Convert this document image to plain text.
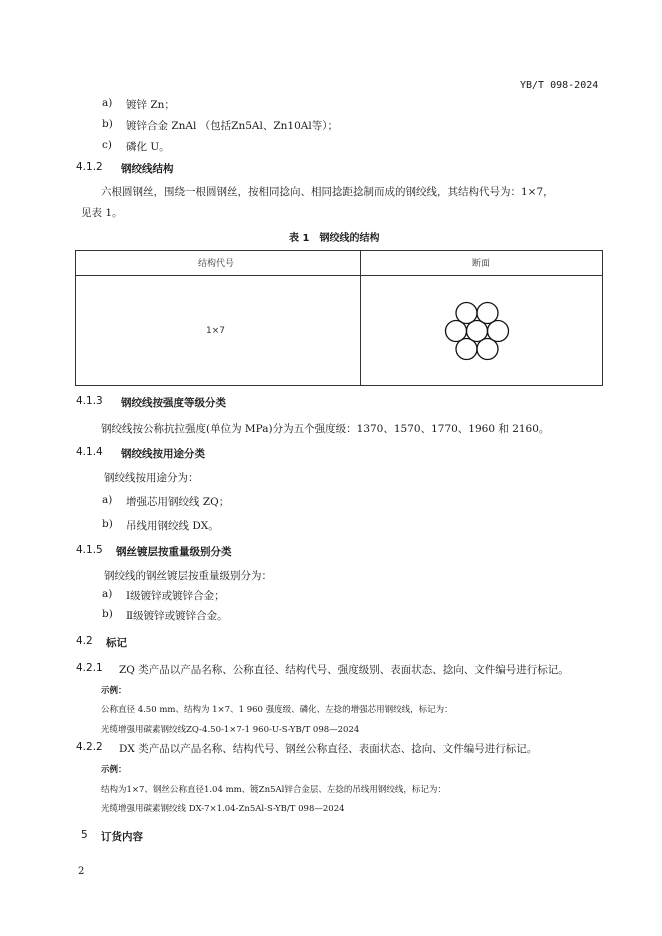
YB/T 098-2024
a) 镀锌 Zn；
b) 镀锌合金 ZnAl （包括Zn5Al、Zn10Al等）；
c) 磷化 U。
4.1.2 钢绞线结构
六根圆钢丝，围绕一根圆钢丝，按相同捻向、相同捻距捻制而成的钢绞线，其结构代号为：1×7，
见表 1。
表 1　钢绞线的结构
结构代号	断面
1×7
4.1.3 钢绞线按强度等级分类
钢绞线按公称抗拉强度(单位为 MPa)分为五个强度级：1370、1570、1770、1960 和 2160。
4.1.4 钢绞线按用途分类
钢绞线按用途分为：
a) 增强芯用钢绞线 ZQ；
b) 吊线用钢绞线 DX。
4.1.5 钢丝镀层按重量级别分类
钢绞线的钢丝镀层按重量级别分为：
a) Ⅰ级镀锌或镀锌合金；
b) Ⅱ级镀锌或镀锌合金。
4.2 标记
4.2.1 ZQ 类产品以产品名称、公称直径、结构代号、强度级别、表面状态、捻向、文件编号进行标记。
示例：
公称直径 4.50 mm、结构为 1×7、1 960 强度级、磷化、左捻的增强芯用钢绞线，标记为：
光缆增强用碳素钢绞线ZQ-4.50-1×7-1 960-U-S-YB/T 098—2024
4.2.2 DX 类产品以产品名称、结构代号、钢丝公称直径、表面状态、捻向、文件编号进行标记。
示例：
结构为1×7、钢丝公称直径1.04 mm、镀Zn5Al锌合金层、左捻的吊线用钢绞线，标记为：
光缆增强用碳素钢绞线 DX-7×1.04-Zn5Al-S-YB/T 098—2024
5 订货内容
2
